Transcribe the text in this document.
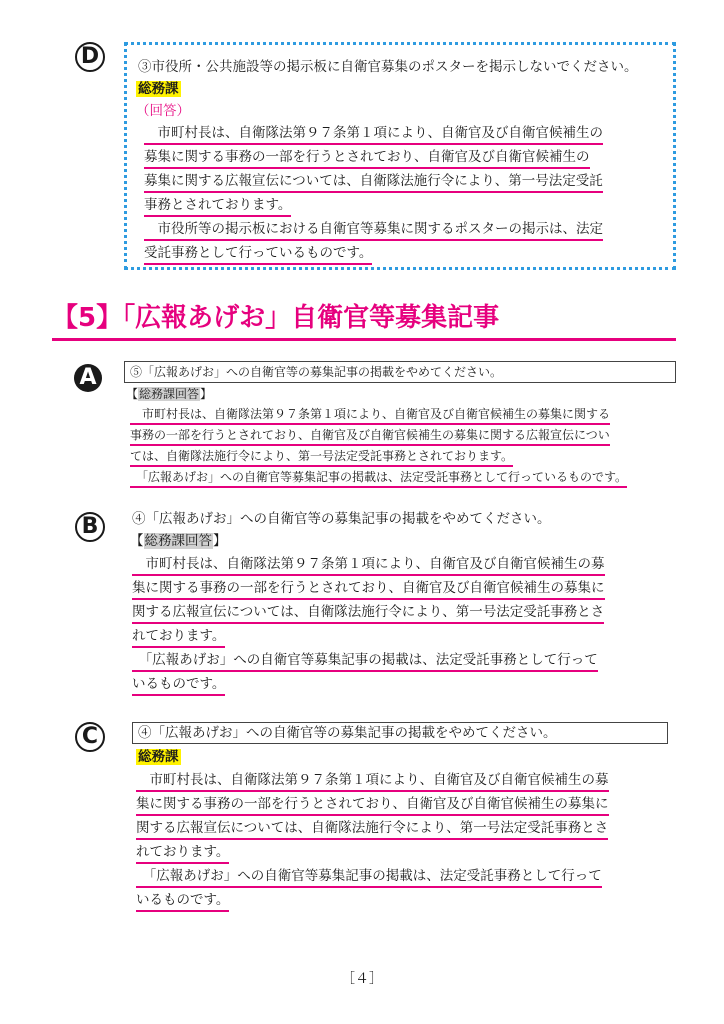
D	③市役所・公共施設等の掲示板に自衛官募集のポスターを掲示しないでください。
総務課
（回答）
　市町村長は、自衛隊法第９７条第１項により、自衛官及び自衛官候補生の
募集に関する事務の一部を行うとされており、自衛官及び自衛官候補生の
募集に関する広報宣伝については、自衛隊法施行令により、第一号法定受託
事務とされております。
　市役所等の掲示板における自衛官等募集に関するポスターの掲示は、法定
受託事務として行っているものです。
【5】「広報あげお」自衛官等募集記事
A	⑤「広報あげお」への自衛官等の募集記事の掲載をやめてください。
【総務課回答】
　市町村長は、自衛隊法第９７条第１項により、自衛官及び自衛官候補生の募集に関する
事務の一部を行うとされており、自衛官及び自衛官候補生の募集に関する広報宣伝につい
ては、自衛隊法施行令により、第一号法定受託事務とされております。
　「広報あげお」への自衛官等募集記事の掲載は、法定受託事務として行っているものです。
B	④「広報あげお」への自衛官等の募集記事の掲載をやめてください。
【総務課回答】
　市町村長は、自衛隊法第９７条第１項により、自衛官及び自衛官候補生の募
集に関する事務の一部を行うとされており、自衛官及び自衛官候補生の募集に
関する広報宣伝については、自衛隊法施行令により、第一号法定受託事務とさ
れております。
　「広報あげお」への自衛官等募集記事の掲載は、法定受託事務として行って
いるものです。
C	④「広報あげお」への自衛官等の募集記事の掲載をやめてください。
総務課
　市町村長は、自衛隊法第９７条第１項により、自衛官及び自衛官候補生の募
集に関する事務の一部を行うとされており、自衛官及び自衛官候補生の募集に
関する広報宣伝については、自衛隊法施行令により、第一号法定受託事務とさ
れております。
　「広報あげお」への自衛官等募集記事の掲載は、法定受託事務として行って
いるものです。
［４］
